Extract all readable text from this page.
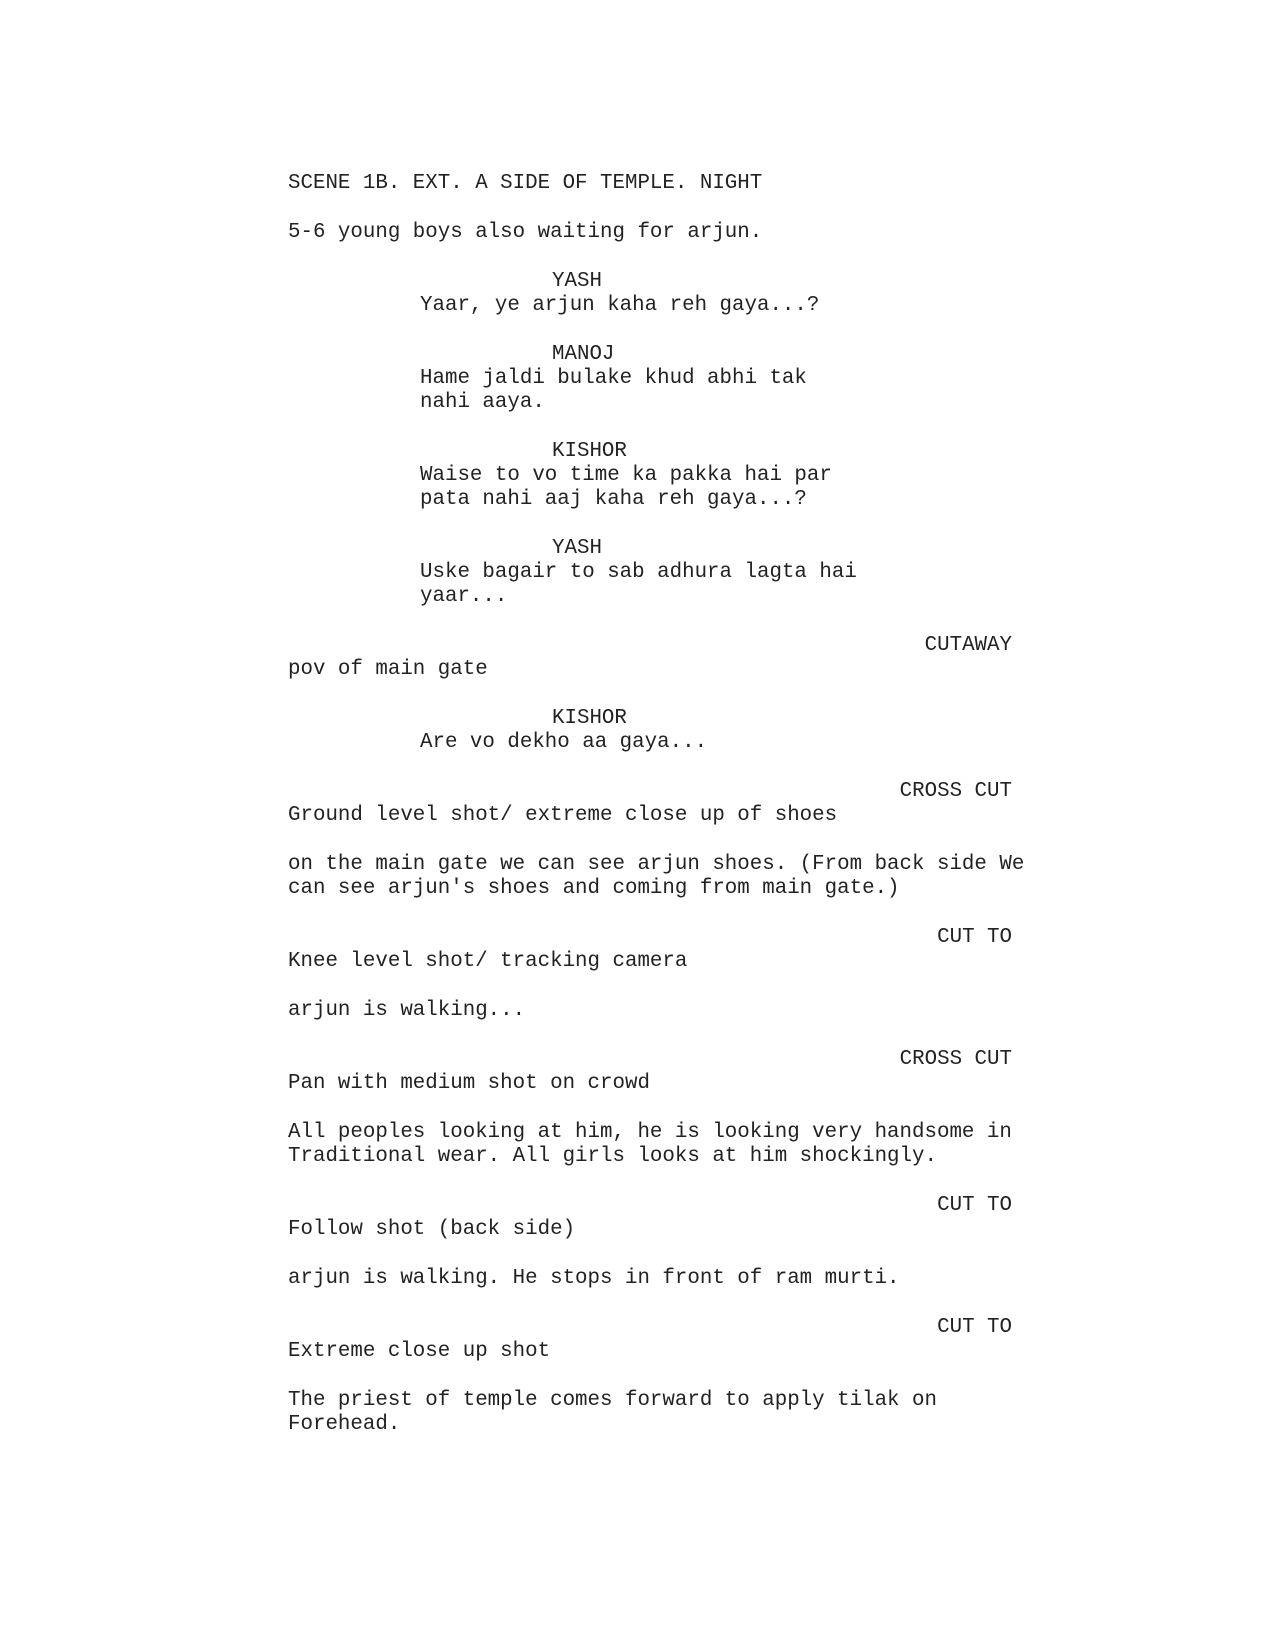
SCENE 1B. EXT. A SIDE OF TEMPLE. NIGHT
5-6 young boys also waiting for arjun.
YASH
Yaar, ye arjun kaha reh gaya...?
MANOJ
Hame jaldi bulake khud abhi tak
nahi aaya.
KISHOR
Waise to vo time ka pakka hai par
pata nahi aaj kaha reh gaya...?
YASH
Uske bagair to sab adhura lagta hai
yaar...
CUTAWAY
pov of main gate
KISHOR
Are vo dekho aa gaya...
CROSS CUT
Ground level shot/ extreme close up of shoes
on the main gate we can see arjun shoes. (From back side We
can see arjun's shoes and coming from main gate.)
CUT TO
Knee level shot/ tracking camera
arjun is walking...
CROSS CUT
Pan with medium shot on crowd
All peoples looking at him, he is looking very handsome in
Traditional wear. All girls looks at him shockingly.
CUT TO
Follow shot (back side)
arjun is walking. He stops in front of ram murti.
CUT TO
Extreme close up shot
The priest of temple comes forward to apply tilak on
Forehead.
